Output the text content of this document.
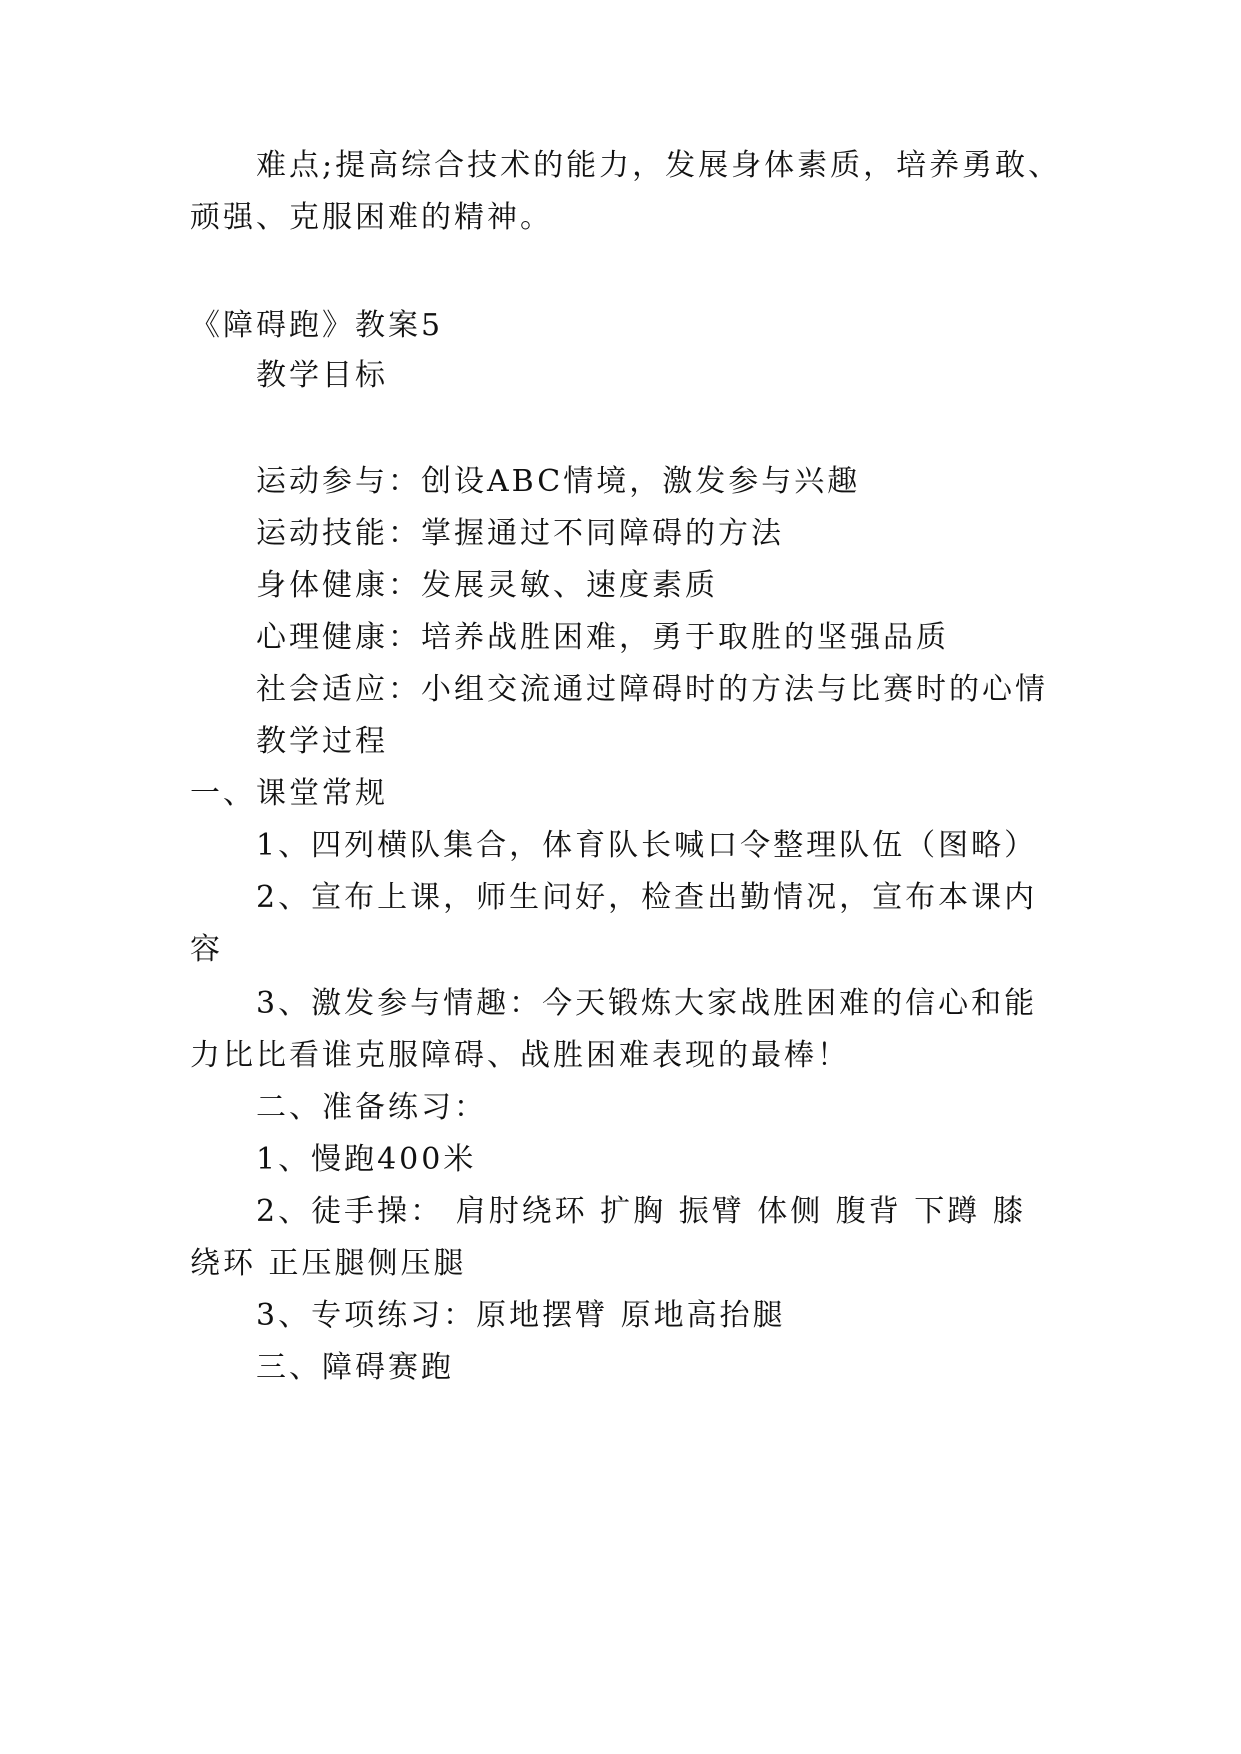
难点;提高综合技术的能力，发展身体素质，培养勇敢、
顽强、克服困难的精神。
《障碍跑》教案5
教学目标
运动参与：创设ABC情境，激发参与兴趣
运动技能：掌握通过不同障碍的方法
身体健康：发展灵敏、速度素质
心理健康：培养战胜困难，勇于取胜的坚强品质
社会适应：小组交流通过障碍时的方法与比赛时的心情
教学过程
一、课堂常规
1、四列横队集合，体育队长喊口令整理队伍（图略）
2、宣布上课，师生问好，检查出勤情况，宣布本课内
容
3、激发参与情趣：今天锻炼大家战胜困难的信心和能
力比比看谁克服障碍、战胜困难表现的最棒！
二、准备练习：
1、慢跑400米
2、徒手操： 肩肘绕环 扩胸 振臂 体侧 腹背 下蹲 膝
绕环 正压腿侧压腿
3、专项练习：原地摆臂 原地高抬腿
三、障碍赛跑
